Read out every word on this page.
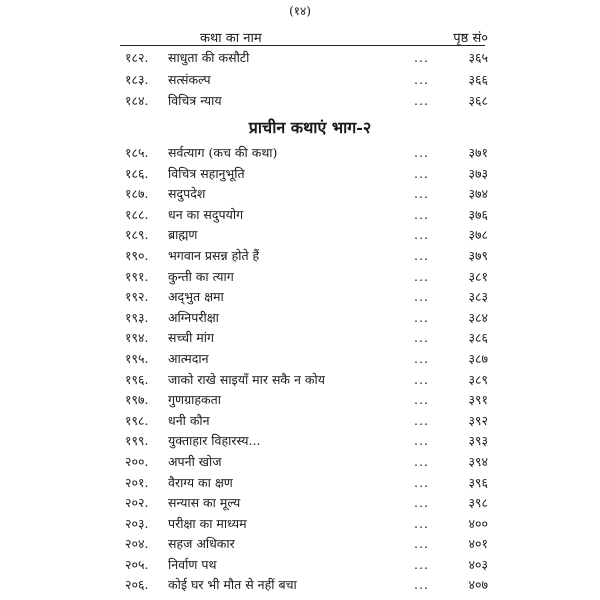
(१४)
कथा का नाम	पृष्ठ सं०
१८२.	साधुता की कसौटी	...	३६५
१८३.	सत्संकल्प	...	३६६
१८४.	विचित्र न्याय	...	३६८
प्राचीन कथाएं भाग-२
१८५.	सर्वत्याग (कच की कथा)	...	३७१
१८६.	विचित्र सहानुभूति	...	३७३
१८७.	सदुपदेश	...	३७४
१८८.	धन का सदुपयोग	...	३७६
१८९.	ब्राह्मण	...	३७८
१९०.	भगवान प्रसन्न होते हैं	...	३७९
१९१.	कुन्ती का त्याग	...	३८१
१९२.	अद्‌भुत क्षमा	...	३८३
१९३.	अग्निपरीक्षा	...	३८४
१९४.	सच्ची मांग	...	३८६
१९५.	आत्मदान	...	३८७
१९६.	जाको राखे साइयाँ मार सकै न कोय	...	३८९
१९७.	गुणग्राहकता	...	३९१
१९८.	धनी कौन	...	३९२
१९९.	युक्ताहार विहारस्य...	...	३९३
२००.	अपनी खोज	...	३९४
२०१.	वैराग्य का क्षण	...	३९६
२०२.	सन्यास का मूल्य	...	३९८
२०३.	परीक्षा का माध्यम	...	४००
२०४.	सहज अधिकार	...	४०१
२०५.	निर्वाण पथ	...	४०३
२०६.	कोई घर भी मौत से नहीं बचा	...	४०७
